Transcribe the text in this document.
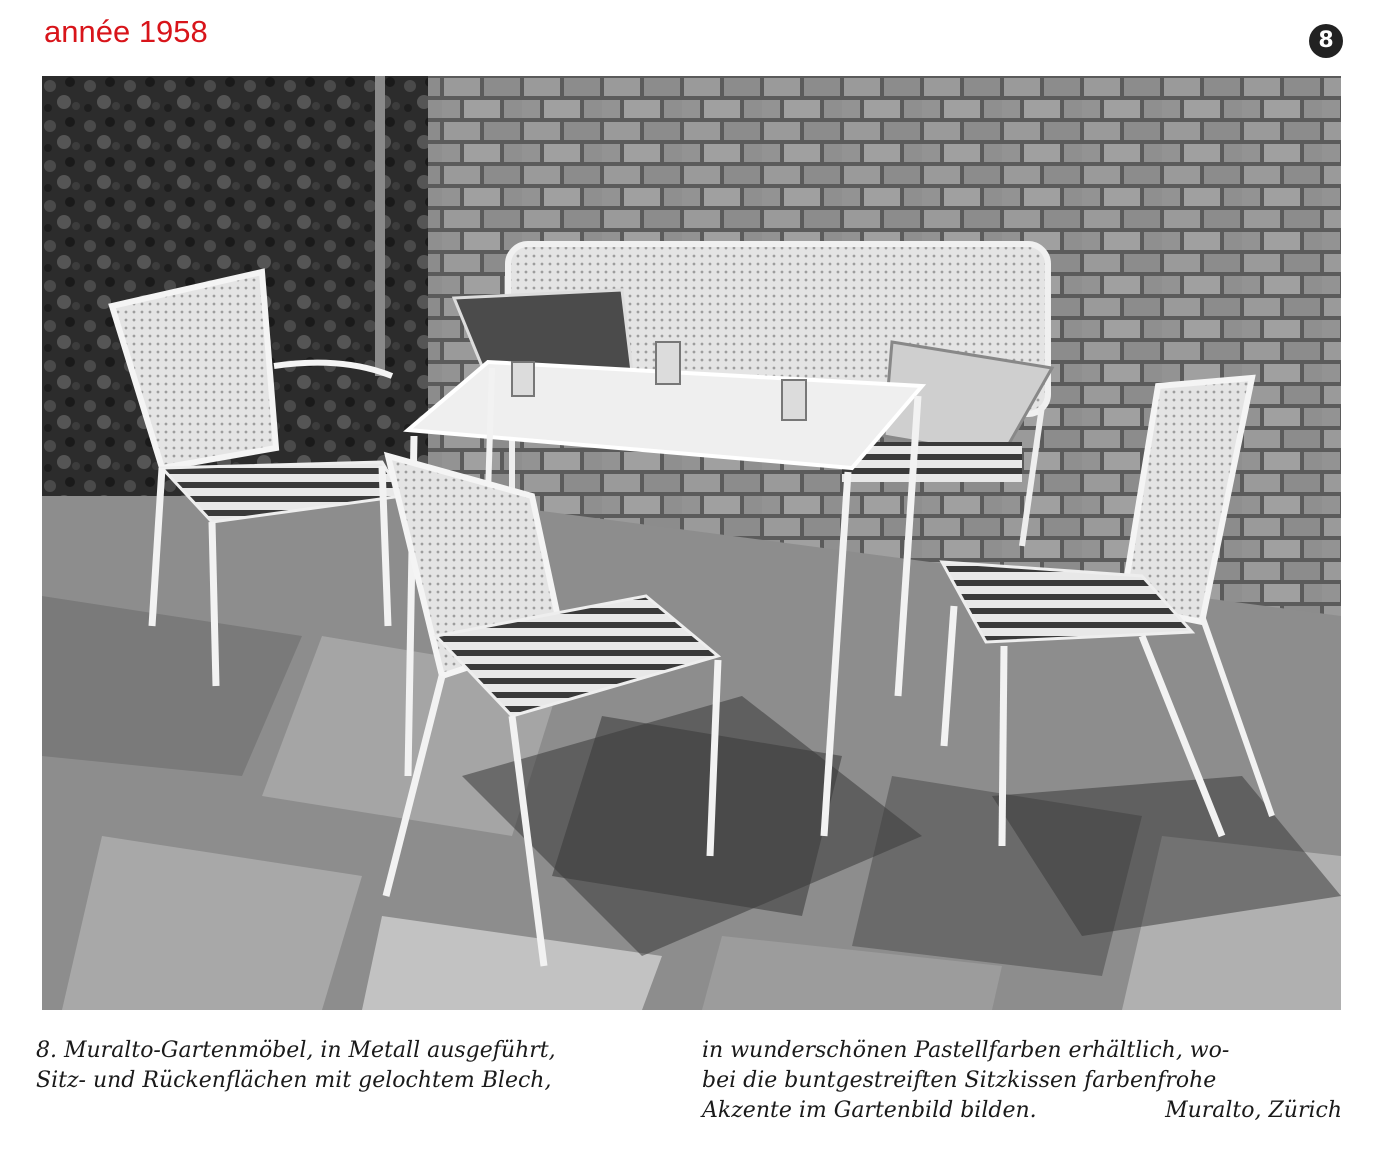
année 1958	8
8. Muralto-Gartenmöbel, in Metall ausgeführt,
Sitz- und Rückenflächen mit gelochtem Blech,
in wunderschönen Pastellfarben erhältlich, wo-
bei die buntgestreiften Sitzkissen farbenfrohe
Akzente im Gartenbild bilden.	Muralto, Zürich
